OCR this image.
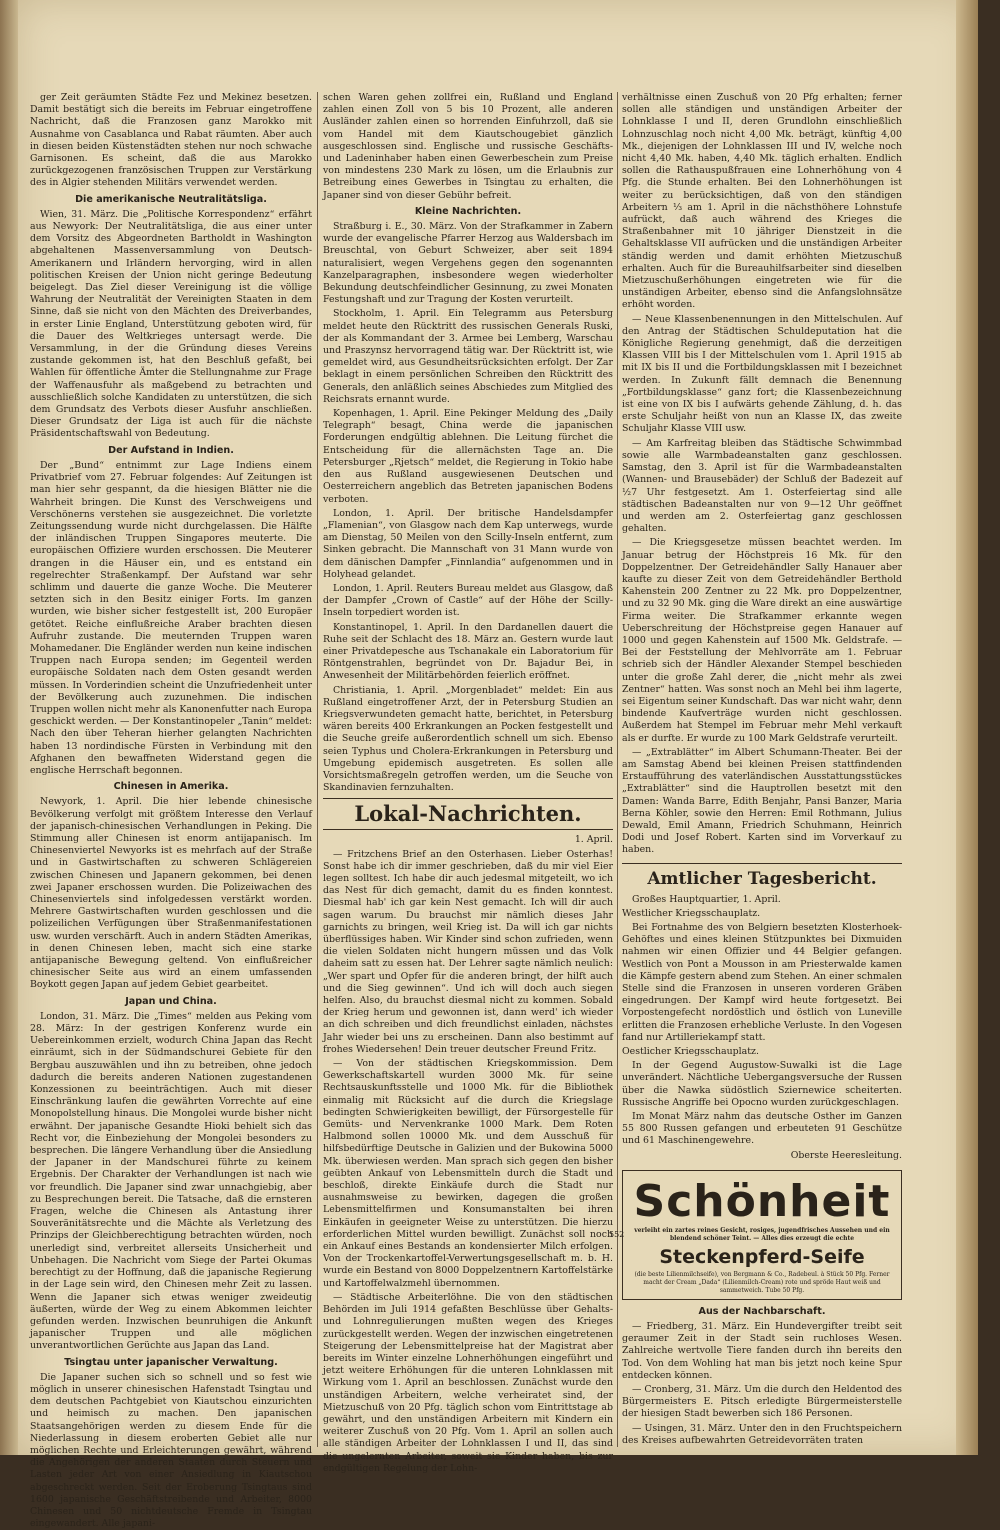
ger Zeit geräumten Städte Fez und Mekinez besetzen. Damit bestätigt sich die bereits im Februar eingetroffene Nachricht, daß die Franzosen ganz Marokko mit Ausnahme von Casablanca und Rabat räumten. Aber auch in diesen beiden Küstenstädten stehen nur noch schwache Garnisonen. Es scheint, daß die aus Marokko zurückgezogenen französischen Truppen zur Verstärkung des in Algier stehenden Militärs verwendet werden.

Die amerikanische Neutralitätsliga.

Wien, 31. März. Die „Politische Korrespondenz“ erfährt aus Newyork: Der Neutralitätsliga, die aus einer unter dem Vorsitz des Abgeordneten Bartholdt in Washington abgehaltenen Massenversammlung von Deutsch-Amerikanern und Irländern hervorging, wird in allen politischen Kreisen der Union nicht geringe Bedeutung beigelegt. Das Ziel dieser Vereinigung ist die völlige Wahrung der Neutralität der Vereinigten Staaten in dem Sinne, daß sie nicht von den Mächten des Dreiverbandes, in erster Linie England, Unterstützung geboten wird, für die Dauer des Weltkrieges untersagt werde. Die Versammlung, in der die Gründung dieses Vereins zustande gekommen ist, hat den Beschluß gefaßt, bei Wahlen für öffentliche Ämter die Stellungnahme zur Frage der Waffenausfuhr als maßgebend zu betrachten und ausschließlich solche Kandidaten zu unterstützen, die sich dem Grundsatz des Verbots dieser Ausfuhr anschließen. Dieser Grundsatz der Liga ist auch für die nächste Präsidentschaftswahl von Bedeutung.

Der Aufstand in Indien.

Der „Bund“ entnimmt zur Lage Indiens einem Privatbrief vom 27. Februar folgendes: Auf Zeitungen ist man hier sehr gespannt, da die hiesigen Blätter nie die Wahrheit bringen. Die Kunst des Verschweigens und Verschönerns verstehen sie ausgezeichnet. Die vorletzte Zeitungssendung wurde nicht durchgelassen. Die Hälfte der inländischen Truppen Singapores meuterte. Die europäischen Offiziere wurden erschossen. Die Meuterer drangen in die Häuser ein, und es entstand ein regelrechter Straßenkampf. Der Aufstand war sehr schlimm und dauerte die ganze Woche. Die Meuterer setzten sich in den Besitz einiger Forts. Im ganzen wurden, wie bisher sicher festgestellt ist, 200 Europäer getötet. Reiche einflußreiche Araber brachten diesen Aufruhr zustande. Die meuternden Truppen waren Mohamedaner. Die Engländer werden nun keine indischen Truppen nach Europa senden; im Gegenteil werden europäische Soldaten nach dem Osten gesandt werden müssen. In Vorderindien scheint die Unzufriedenheit unter der Bevölkerung auch zuzunehmen. Die indischen Truppen wollen nicht mehr als Kanonenfutter nach Europa geschickt werden. — Der Konstantinopeler „Tanin“ meldet: Nach den über Teheran hierher gelangten Nachrichten haben 13 nordindische Fürsten in Verbindung mit den Afghanen den bewaffneten Widerstand gegen die englische Herrschaft begonnen.

Chinesen in Amerika.

Newyork, 1. April. Die hier lebende chinesische Bevölkerung verfolgt mit größtem Interesse den Verlauf der japanisch-chinesischen Verhandlungen in Peking. Die Stimmung aller Chinesen ist enorm antijapanisch. Im Chinesenviertel Newyorks ist es mehrfach auf der Straße und in Gastwirtschaften zu schweren Schlägereien zwischen Chinesen und Japanern gekommen, bei denen zwei Japaner erschossen wurden. Die Polizeiwachen des Chinesenviertels sind infolgedessen verstärkt worden. Mehrere Gastwirtschaften wurden geschlossen und die polizeilichen Verfügungen über Straßenmanifestationen usw. wurden verschärft. Auch in andern Städten Amerikas, in denen Chinesen leben, macht sich eine starke antijapanische Bewegung geltend. Von einflußreicher chinesischer Seite aus wird an einem umfassenden Boykott gegen Japan auf jedem Gebiet gearbeitet.

Japan und China.

London, 31. März. Die „Times“ melden aus Peking vom 28. März: In der gestrigen Konferenz wurde ein Uebereinkommen erzielt, wodurch China Japan das Recht einräumt, sich in der Südmandschurei Gebiete für den Bergbau auszuwählen und ihn zu betreiben, ohne jedoch dadurch die bereits anderen Nationen zugestandenen Konzessionen zu beeinträchtigen. Auch mit dieser Einschränkung laufen die gewährten Vorrechte auf eine Monopolstellung hinaus. Die Mongolei wurde bisher nicht erwähnt. Der japanische Gesandte Hioki behielt sich das Recht vor, die Einbeziehung der Mongolei besonders zu besprechen. Die längere Verhandlung über die Ansiedlung der Japaner in der Mandschurei führte zu keinem Ergebnis. Der Charakter der Verhandlungen ist nach wie vor freundlich. Die Japaner sind zwar unnachgiebig, aber zu Besprechungen bereit. Die Tatsache, daß die ernsteren Fragen, welche die Chinesen als Antastung ihrer Souveränitätsrechte und die Mächte als Verletzung des Prinzips der Gleichberechtigung betrachten würden, noch unerledigt sind, verbreitet allerseits Unsicherheit und Unbehagen. Die Nachricht vom Siege der Partei Okumas berechtigt zu der Hoffnung, daß die japanische Regierung in der Lage sein wird, den Chinesen mehr Zeit zu lassen. Wenn die Japaner sich etwas weniger zweideutig äußerten, würde der Weg zu einem Abkommen leichter gefunden werden. Inzwischen beunruhigen die Ankunft japanischer Truppen und alle möglichen unverantwortlichen Gerüchte aus Japan das Land.

Tsingtau unter japanischer Verwaltung.

Die Japaner suchen sich so schnell und so fest wie möglich in unserer chinesischen Hafenstadt Tsingtau und dem deutschen Pachtgebiet von Kiautschou einzurichten und heimisch zu machen. Den japanischen Staatsangehörigen werden zu diesem Ende für die Niederlassung in diesem eroberten Gebiet alle nur möglichen Rechte und Erleichterungen gewährt, während die Angehörigen der anderen Staaten durch Steuern und Lasten jeder Art von einer Ansiedlung in Kiautschou abgeschreckt werden. Seit der Eroberung Tsingtaus sind 1600 japanische Geschäftstreibende und Arbeiter, 8000 Chinesen und 50 nichtdeutsche Fremde in Tsingtau eingewandert. Alle japani-

schen Waren gehen zollfrei ein, Rußland und England zahlen einen Zoll von 5 bis 10 Prozent, alle anderen Ausländer zahlen einen so horrenden Einfuhrzoll, daß sie vom Handel mit dem Kiautschougebiet gänzlich ausgeschlossen sind. Englische und russische Geschäfts- und Ladeninhaber haben einen Gewerbeschein zum Preise von mindestens 230 Mark zu lösen, um die Erlaubnis zur Betreibung eines Gewerbes in Tsingtau zu erhalten, die Japaner sind von dieser Gebühr befreit.

Kleine Nachrichten.

Straßburg i. E., 30. März. Von der Strafkammer in Zabern wurde der evangelische Pfarrer Herzog aus Waldersbach im Breuschtal, von Geburt Schweizer, aber seit 1894 naturalisiert, wegen Vergehens gegen den sogenannten Kanzelparagraphen, insbesondere wegen wiederholter Bekundung deutschfeindlicher Gesinnung, zu zwei Monaten Festungshaft und zur Tragung der Kosten verurteilt.

Stockholm, 1. April. Ein Telegramm aus Petersburg meldet heute den Rücktritt des russischen Generals Ruski, der als Kommandant der 3. Armee bei Lemberg, Warschau und Praszynsz hervorragend tätig war. Der Rücktritt ist, wie gemeldet wird, aus Gesundheitsrücksichten erfolgt. Der Zar beklagt in einem persönlichen Schreiben den Rücktritt des Generals, den anläßlich seines Abschiedes zum Mitglied des Reichsrats ernannt wurde.

Kopenhagen, 1. April. Eine Pekinger Meldung des „Daily Telegraph“ besagt, China werde die japanischen Forderungen endgültig ablehnen. Die Leitung fürchet die Entscheidung für die allernächsten Tage an. Die Petersburger „Rjetsch“ meldet, die Regierung in Tokio habe den aus Rußland ausgewiesenen Deutschen und Oesterreichern angeblich das Betreten japanischen Bodens verboten.

London, 1. April. Der britische Handelsdampfer „Flamenian“, von Glasgow nach dem Kap unterwegs, wurde am Dienstag, 50 Meilen von den Scilly-Inseln entfernt, zum Sinken gebracht. Die Mannschaft von 31 Mann wurde von dem dänischen Dampfer „Finnlandia“ aufgenommen und in Holyhead gelandet.

London, 1. April. Reuters Bureau meldet aus Glasgow, daß der Dampfer „Crown of Castle“ auf der Höhe der Scilly-Inseln torpediert worden ist.

Konstantinopel, 1. April. In den Dardanellen dauert die Ruhe seit der Schlacht des 18. März an. Gestern wurde laut einer Privatdepesche aus Tschanakale ein Laboratorium für Röntgenstrahlen, begründet von Dr. Bajadur Bei, in Anwesenheit der Militärbehörden feierlich eröffnet.

Christiania, 1. April. „Morgenbladet“ meldet: Ein aus Rußland eingetroffener Arzt, der in Petersburg Studien an Kriegsverwundeten gemacht hatte, berichtet, in Petersburg wären bereits 400 Erkrankungen an Pocken festgestellt und die Seuche greife außerordentlich schnell um sich. Ebenso seien Typhus und Cholera-Erkrankungen in Petersburg und Umgebung epidemisch ausgetreten. Es sollen alle Vorsichtsmaßregeln getroffen werden, um die Seuche von Skandinavien fernzuhalten.

Lokal-Nachrichten.
1. April.

— Fritzchens Brief an den Osterhasen. Lieber Osterhas! Sonst habe ich dir immer geschrieben, daß du mir viel Eier legen solltest. Ich habe dir auch jedesmal mitgeteilt, wo ich das Nest für dich gemacht, damit du es finden konntest. Diesmal hab' ich gar kein Nest gemacht. Ich will dir auch sagen warum. Du brauchst mir nämlich dieses Jahr garnichts zu bringen, weil Krieg ist. Da will ich gar nichts überflüssiges haben. Wir Kinder sind schon zufrieden, wenn die vielen Soldaten nicht hungern müssen und das Volk daheim satt zu essen hat. Der Lehrer sagte nämlich neulich: „Wer spart und Opfer für die anderen bringt, der hilft auch und die Sieg gewinnen“. Und ich will doch auch siegen helfen. Also, du brauchst diesmal nicht zu kommen. Sobald der Krieg herum und gewonnen ist, dann werd' ich wieder an dich schreiben und dich freundlichst einladen, nächstes Jahr wieder bei uns zu erscheinen. Dann also bestimmt auf frohes Wiedersehen! Dein treuer deutscher Freund Fritz.

— Von der städtischen Kriegskommission. Dem Gewerkschaftskartell wurden 3000 Mk. für seine Rechtsauskunftsstelle und 1000 Mk. für die Bibliothek einmalig mit Rücksicht auf die durch die Kriegslage bedingten Schwierigkeiten bewilligt, der Fürsorgestelle für Gemüts- und Nervenkranke 1000 Mark. Dem Roten Halbmond sollen 10000 Mk. und dem Ausschuß für hilfsbedürftige Deutsche in Galizien und der Bukowina 5000 Mk. überwiesen werden. Man sprach sich gegen den bisher geübten Ankauf von Lebensmitteln durch die Stadt und beschloß, direkte Einkäufe durch die Stadt nur ausnahmsweise zu bewirken, dagegen die großen Lebensmittelfirmen und Konsumanstalten bei ihren Einkäufen in geeigneter Weise zu unterstützen. Die hierzu erforderlichen Mittel wurden bewilligt. Zunächst soll noch ein Ankauf eines Bestands an kondensierter Milch erfolgen. Von der Trockenkartoffel-Verwertungsgesellschaft m. b. H. wurde ein Bestand von 8000 Doppelzentnern Kartoffelstärke und Kartoffelwalzmehl übernommen.

— Städtische Arbeiterlöhne. Die von den städtischen Behörden im Juli 1914 gefaßten Beschlüsse über Gehalts- und Lohnregulierungen mußten wegen des Krieges zurückgestellt werden. Wegen der inzwischen eingetretenen Steigerung der Lebensmittelpreise hat der Magistrat aber bereits im Winter einzelne Lohnerhöhungen eingeführt und jetzt weitere Erhöhungen für die unteren Lohnklassen mit Wirkung vom 1. April an beschlossen. Zunächst wurde den unständigen Arbeitern, welche verheiratet sind, der Mietzuschuß von 20 Pfg. täglich schon vom Eintrittstage ab gewährt, und den unständigen Arbeitern mit Kindern ein weiterer Zuschuß von 20 Pfg. Vom 1. April an sollen auch alle ständigen Arbeiter der Lohnklassen I und II, das sind die ungelernten Arbeiter, soweit sie Kinder haben, bis zur endgültigen Regelung der Lohn-

verhältnisse einen Zuschuß von 20 Pfg erhalten; ferner sollen alle ständigen und unständigen Arbeiter der Lohnklasse I und II, deren Grundlohn einschließlich Lohnzuschlag noch nicht 4,00 Mk. beträgt, künftig 4,00 Mk., diejenigen der Lohnklassen III und IV, welche noch nicht 4,40 Mk. haben, 4,40 Mk. täglich erhalten. Endlich sollen die Rathauspußfrauen eine Lohnerhöhung von 4 Pfg. die Stunde erhalten. Bei den Lohnerhöhungen ist weiter zu berücksichtigen, daß von den ständigen Arbeitern ⅓ am 1. April in die nächsthöhere Lohnstufe aufrückt, daß auch während des Krieges die Straßenbahner mit 10 jähriger Dienstzeit in die Gehaltsklasse VII aufrücken und die unständigen Arbeiter ständig werden und damit erhöhten Mietzuschuß erhalten. Auch für die Bureauhilfsarbeiter sind dieselben Mietzuschußerhöhungen eingetreten wie für die unständigen Arbeiter, ebenso sind die Anfangslohnsätze erhöht worden.

— Neue Klassenbenennungen in den Mittelschulen. Auf den Antrag der Städtischen Schuldeputation hat die Königliche Regierung genehmigt, daß die derzeitigen Klassen VIII bis I der Mittelschulen vom 1. April 1915 ab mit IX bis II und die Fortbildungsklassen mit I bezeichnet werden. In Zukunft fällt demnach die Benennung „Fortbildungsklasse“ ganz fort; die Klassenbezeichnung ist eine von IX bis I aufwärts gehende Zählung, d. h. das erste Schuljahr heißt von nun an Klasse IX, das zweite Schuljahr Klasse VIII usw.

— Am Karfreitag bleiben das Städtische Schwimmbad sowie alle Warmbadeanstalten ganz geschlossen. Samstag, den 3. April ist für die Warmbadeanstalten (Wannen- und Brausebäder) der Schluß der Badezeit auf ½7 Uhr festgesetzt. Am 1. Osterfeiertag sind alle städtischen Badeanstalten nur von 9—12 Uhr geöffnet und werden am 2. Osterfeiertag ganz geschlossen gehalten.

— Die Kriegsgesetze müssen beachtet werden. Im Januar betrug der Höchstpreis 16 Mk. für den Doppelzentner. Der Getreidehändler Sally Hanauer aber kaufte zu dieser Zeit von dem Getreidehändler Berthold Kahenstein 200 Zentner zu 22 Mk. pro Doppelzentner, und zu 32 90 Mk. ging die Ware direkt an eine auswärtige Firma weiter. Die Strafkammer erkannte wegen Ueberschreitung der Höchstpreise gegen Hanauer auf 1000 und gegen Kahenstein auf 1500 Mk. Geldstrafe. — Bei der Feststellung der Mehlvorräte am 1. Februar schrieb sich der Händler Alexander Stempel beschieden unter die große Zahl derer, die „nicht mehr als zwei Zentner“ hatten. Was sonst noch an Mehl bei ihm lagerte, sei Eigentum seiner Kundschaft. Das war nicht wahr, denn bindende Kaufverträge wurden nicht geschlossen. Außerdem hat Stempel im Februar mehr Mehl verkauft als er durfte. Er wurde zu 100 Mark Geldstrafe verurteilt.

— „Extrablätter“ im Albert Schumann-Theater. Bei der am Samstag Abend bei kleinen Preisen stattfindenden Erstaufführung des vaterländischen Ausstattungsstückes „Extrablätter“ sind die Hauptrollen besetzt mit den Damen: Wanda Barre, Edith Benjahr, Pansi Banzer, Maria Berna Köhler, sowie den Herren: Emil Rothmann, Julius Dewald, Emil Amann, Friedrich Schuhmann, Heinrich Dodi und Josef Robert. Karten sind im Vorverkauf zu haben.

Amtlicher Tagesbericht.

Großes Hauptquartier, 1. April.

Westlicher Kriegsschauplatz.

Bei Fortnahme des von Belgiern besetzten Klosterhoek-Gehöftes und eines kleinen Stützpunktes bei Dixmuiden nahmen wir einen Offizier und 44 Belgier gefangen. Westlich von Pont a Mousson in am Priesterwalde kamen die Kämpfe gestern abend zum Stehen. An einer schmalen Stelle sind die Franzosen in unseren vorderen Gräben eingedrungen. Der Kampf wird heute fortgesetzt. Bei Vorpostengefecht nordöstlich und östlich von Luneville erlitten die Franzosen erhebliche Verluste. In den Vogesen fand nur Artilleriekampf statt.

Oestlicher Kriegsschauplatz.

In der Gegend Augustow-Suwalki ist die Lage unverändert. Nächtliche Uebergangsversuche der Russen über die Nawka südöstlich Sziernewice scheiterten. Russische Angriffe bei Opocno wurden zurückgeschlagen.

Im Monat März nahm das deutsche Osther im Ganzen 55 800 Russen gefangen und erbeuteten 91 Geschütze und 61 Maschinengewehre.

Oberste Heeresleitung.
552
Schönheit
verleiht ein zartes reines Gesicht, rosiges, jugendfrisches Aussehen und ein blendend schöner Teint. — Alles dies erzeugt die echte
Steckenpferd-Seife
(die beste Lilienmilchseife), von Bergmann & Co., Radebeul. à Stück 50 Pfg. Ferner macht der Cream „Dada“ (Lilienmilch-Cream) rote und spröde Haut weiß und sammetweich. Tube 50 Pfg.
Aus der Nachbarschaft.

— Friedberg, 31. März. Ein Hundevergifter treibt seit geraumer Zeit in der Stadt sein ruchloses Wesen. Zahlreiche wertvolle Tiere fanden durch ihn bereits den Tod. Von dem Wohling hat man bis jetzt noch keine Spur entdecken können.

— Cronberg, 31. März. Um die durch den Heldentod des Bürgermeisters E. Pitsch erledigte Bürgermeisterstelle der hiesigen Stadt bewerben sich 186 Personen.

— Usingen, 31. März. Unter den in den Fruchtspeichern des Kreises aufbewahrten Getreidevorräten traten
